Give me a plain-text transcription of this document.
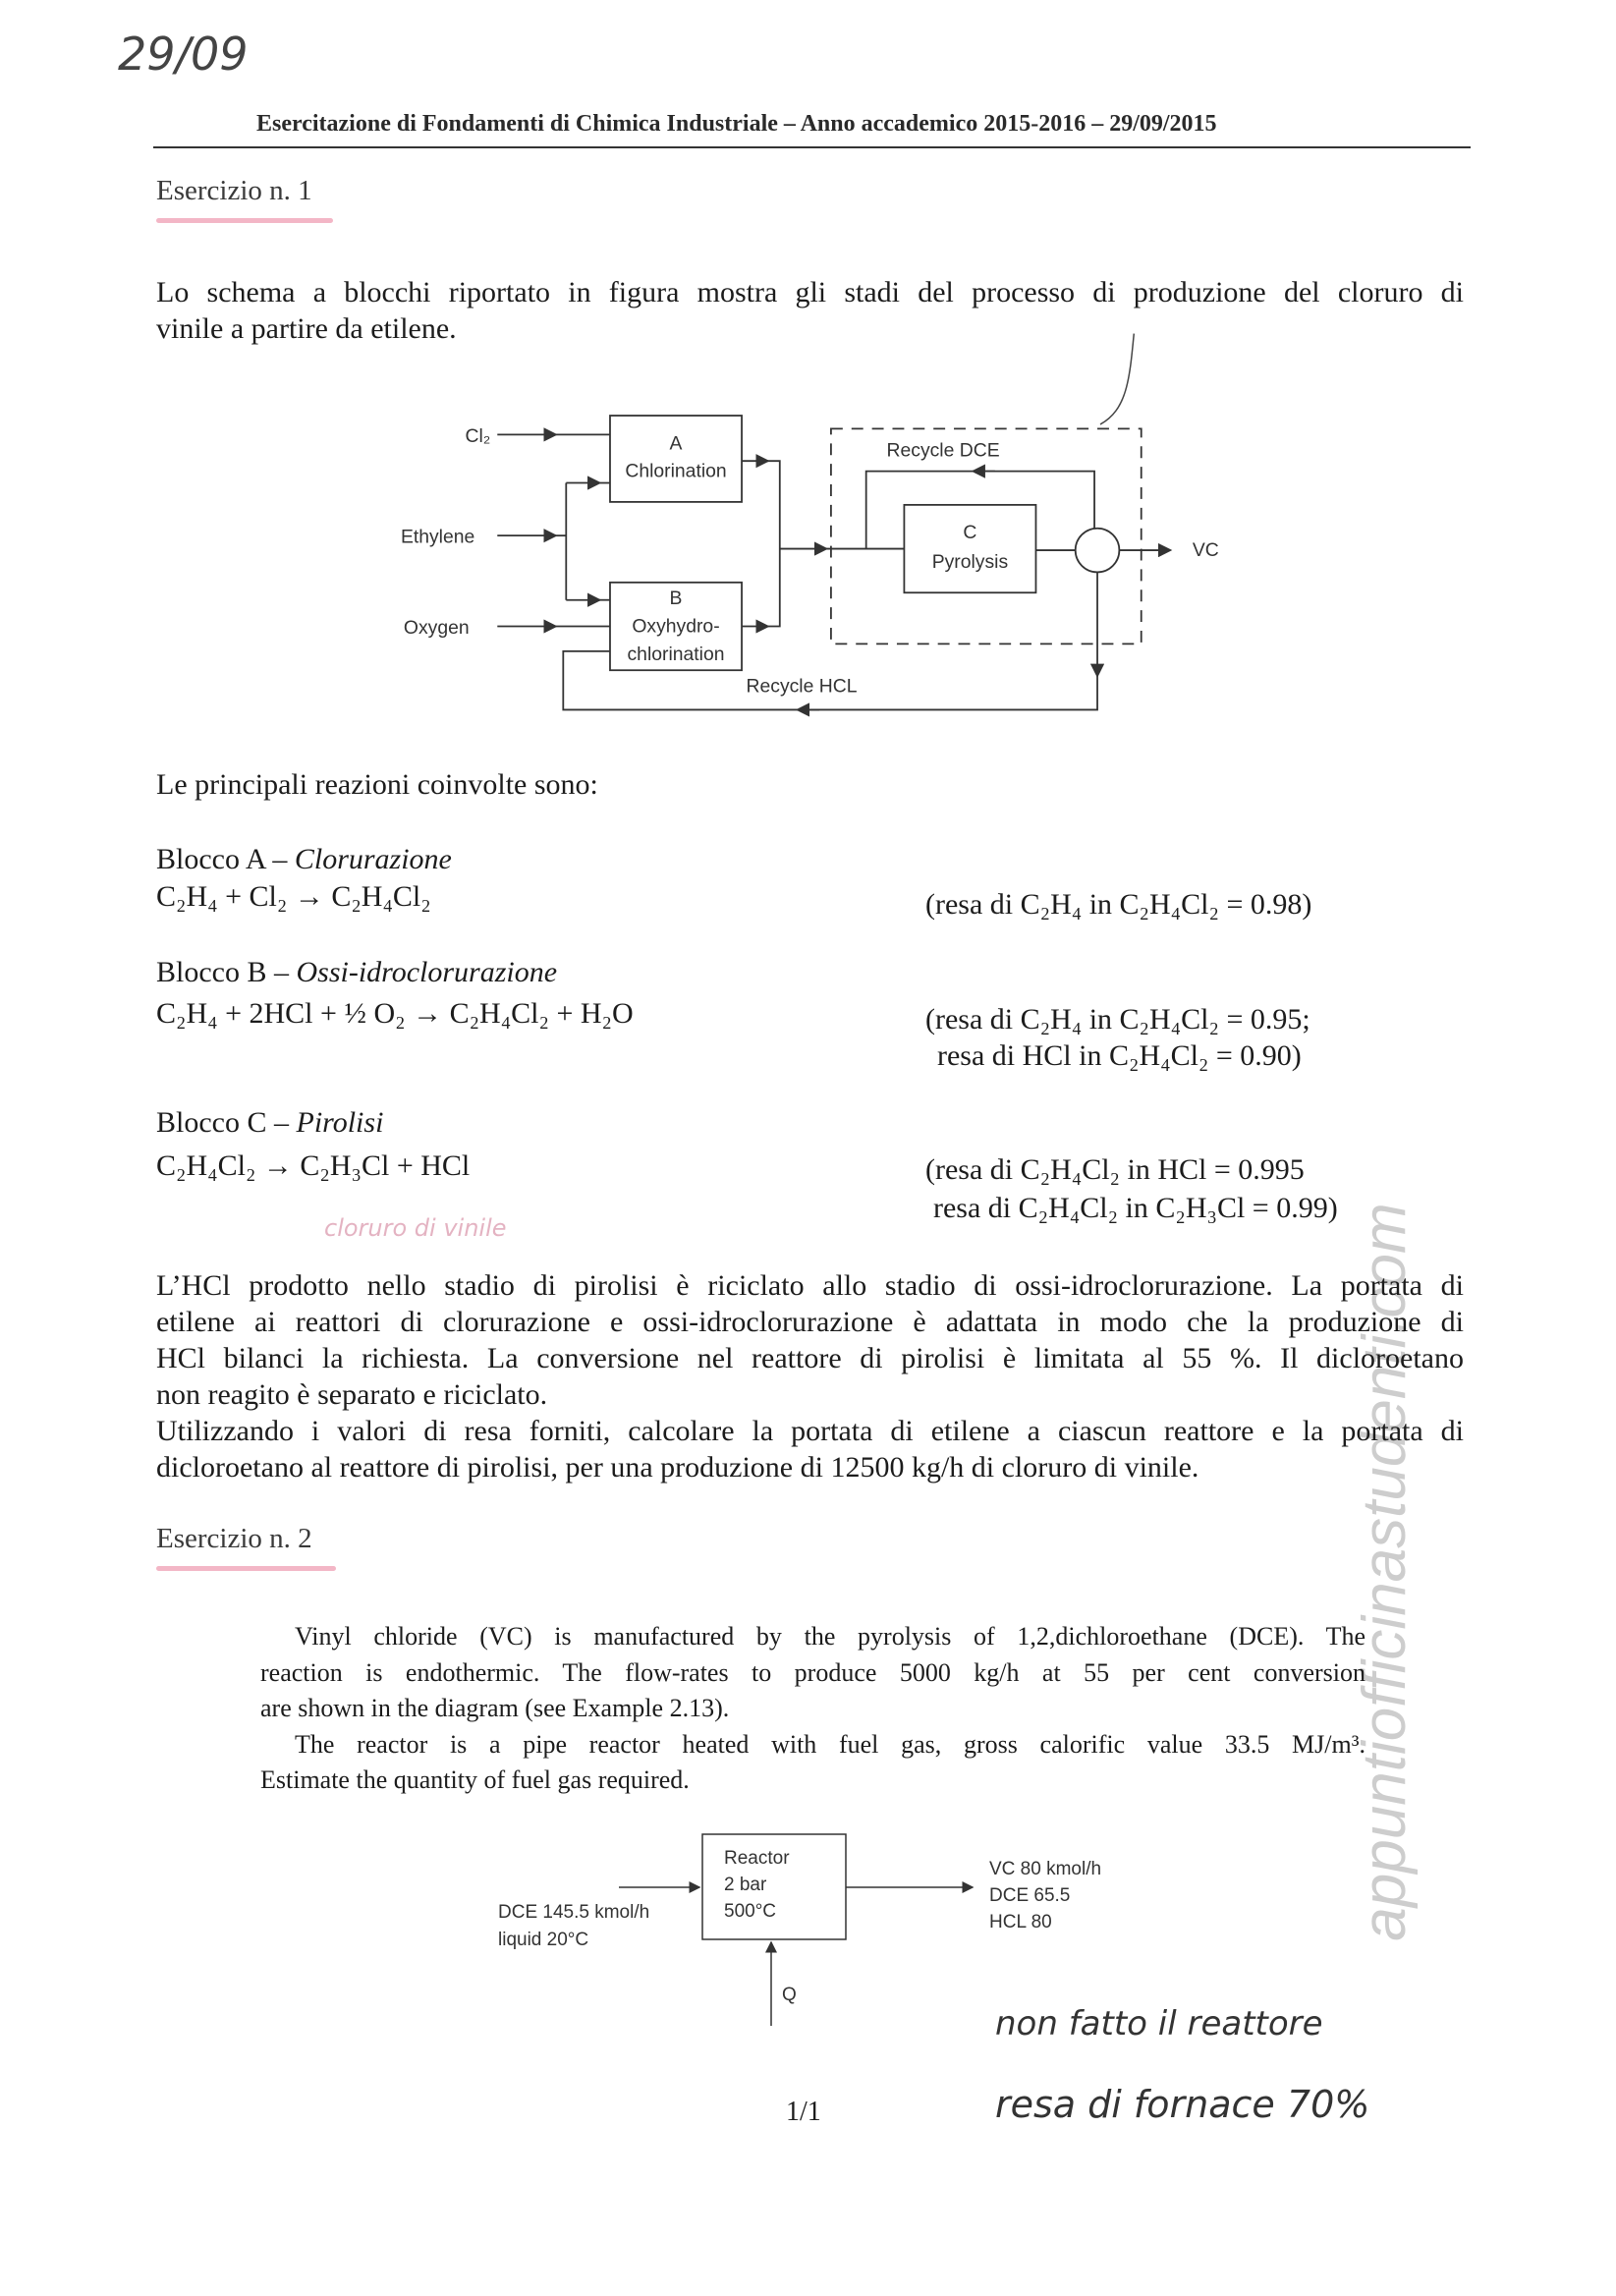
29/09
Esercitazione di Fondamenti di Chimica Industriale – Anno accademico 2015-2016 – 29/09/2015
appuntiofficinastudenti.com
Esercizio n. 1
Lo schema a blocchi riportato in figura mostra gli stadi del processo di produzione del cloruro di
vinile a partire da etilene.
Cl₂
Ethylene
Oxygen
A
Chlorination
B
Oxyhydro-
chlorination
C
Pyrolysis
Recycle DCE
Recycle HCL
VC
Le principali reazioni coinvolte sono:
Blocco A – Clorurazione
C₂H₄ + Cl₂ → C₂H₄Cl₂	(resa di C₂H₄ in C₂H₄Cl₂ = 0.98)
Blocco B – Ossi-idroclorurazione
C₂H₄ + 2HCl + ½ O₂ → C₂H₄Cl₂ + H₂O	(resa di C₂H₄ in C₂H₄Cl₂ = 0.95;
resa di HCl in C₂H₄Cl₂ = 0.90)
Blocco C – Pirolisi
C₂H₄Cl₂ → C₂H₃Cl + HCl	(resa di C₂H₄Cl₂ in HCl = 0.995
resa di C₂H₄Cl₂ in C₂H₃Cl = 0.99)
cloruro di vinile
L’HCl prodotto nello stadio di pirolisi è riciclato allo stadio di ossi-idroclorurazione. La portata di
etilene ai reattori di clorurazione e ossi-idroclorurazione è adattata in modo che la produzione di
HCl bilanci la richiesta. La conversione nel reattore di pirolisi è limitata al 55 %. Il dicloroetano
non reagito è separato e riciclato.
Utilizzando i valori di resa forniti, calcolare la portata di etilene a ciascun reattore e la portata di
dicloroetano al reattore di pirolisi, per una produzione di 12500 kg/h di cloruro di vinile.
Esercizio n. 2
Vinyl chloride (VC) is manufactured by the pyrolysis of 1,2,dichloroethane (DCE). The
reaction is endothermic. The flow-rates to produce 5000 kg/h at 55 per cent conversion
are shown in the diagram (see Example 2.13).
The reactor is a pipe reactor heated with fuel gas, gross calorific value 33.5 MJ/m³.
Estimate the quantity of fuel gas required.
Reactor
2 bar
500°C
DCE 145.5 kmol/h
liquid 20°C
VC 80 kmol/h
DCE 65.5
HCL 80
Q
non fatto il reattore
resa di fornace 70%
1/1
